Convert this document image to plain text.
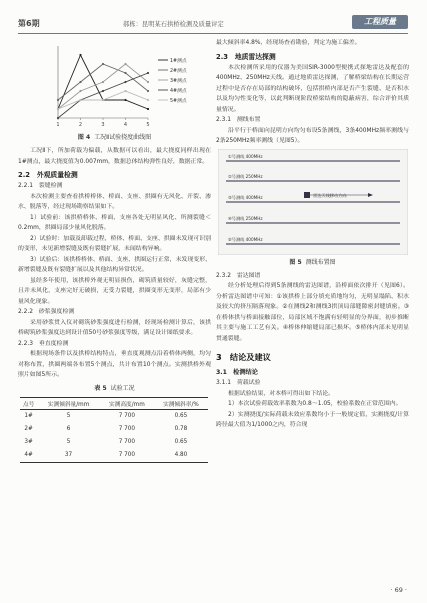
第6期	郝栋：昆明某石拱桥检测及质量评定	工程质量
1	2	3	4	5
1#测点
2#测点
3#测点
4#测点
5#测点
图 4 工况Ⅱ试验挠度曲线图

工况Ⅱ下，所加荷载为偏载，从数据可以看出，最大挠度同样出现在1#测点，最大挠度值为0.007mm，数据总体结构弹性良好，数据正常。

2.2　外观质量检测
2.2.1　裂缝检测

本次检测主要查看拱桥桥体、桥面、支座、拱圈有无风化、开裂、渗水、脱落等，经过现场勘察结果如下。

1）试验前：该拱桥桥体、桥面、支座各处无明显风化、所测裂缝＜0.2mm，拱圈局部少量风化脱落。

2）试验时：加载及卸载过程，桥体、桥面、支座、拱圈未发现可识别的变形，未见新增裂缝及既有裂缝扩展，未闻结构异响。

3）试验后：该拱桥桥体、桥面、支座、拱圈运行正常，未发现变形、新增裂缝及既有裂缝扩展以及其他结构异常状况。

虽经多年使用，该拱桥外观无明显损伤，砌筑质量较好，灰缝完整，且并未风化，支座完好无破损，无受力裂缝，拱圈变形无变形，局部有少量风化现象。

2.2.2　砂浆强度检测

采用砂浆贯入仪对砌筑砂浆强度进行检测，经现场检测计算后，该拱桥砌筑砂浆强度达到设计值50号砂浆强度等级，满足设计图纸要求。

2.2.3　垂直度检测

根据现场条件以及拱桥结构特点，垂直度观测点沿着桥体两侧，均匀对称布置，拱圈两端各布置5个测点，共计布置10个测点。实测拱桥外观照片如图5所示。

表 5 试验工况
点号	实测倾斜量/mm	实测高度/mm	实测倾斜率/%
1#	5	7 700	0.65
2#	6	7 700	0.78
3#	5	7 700	0.65
4#	37	7 700	4.80

最大倾斜率4.8%，经现场查看勘验，判定为施工偏差。

2.3　地质雷达探测

本次检测所采用的仪器为美国SIR-3000型便携式探地雷达及配套的400MHz、250MHz天线。通过地质雷达探测，了解桥梁结构在长期运营过程中是否存在局部的结构破坏，包括拱桥内部是否产生裂缝、是否积水以及均匀性变化等，以此判断现阶段桥梁结构的隐蔽病害，综合评价其质量情况。

2.3.1　测线布置

沿平行于桥面向昆明方向均匀布设5条测线，3条400MHz频率测线与2条250MHz频率测线（见图5）。

①号测线 400MHz
②号测线 250MHz
③号测线 400MHz
④号测线 250MHz
⑤号测线 400MHz
雷达天线移动方向
图 5 测线布置图
2.3.2　雷达图谱

经分析处理后得到5条测线的雷达图谱，沿桥面依次排开（见图6）。分析雷达图谱中可知：①该拱桥上部分填充质地均匀，无明显塌陷、积水及较大的挤压隔落现象。②在测线2和测线3拱顶局部缝隙密封缝填密。③在桥体拱与桥面接触部位，局部区域不饱满有轻明显的分界面，初步推断其主要与施工工艺有关。④桥体伸缩缝局部已损坏。⑤桥体内部未见明显贯通裂缝。

3　结论及建议
3.1　检测结论
3.1.1　荷载试验

根据试验结果，对本桥可得出如下结论。

1）本次试验荷载效率系数为0.8～1.05，校验系数在正常范围内。

2）实测挠度/实际荷载未效应系数均小于一般规定值，实测挠度/计算跨径最大值为1/1000之内，符合现

· 69 ·
